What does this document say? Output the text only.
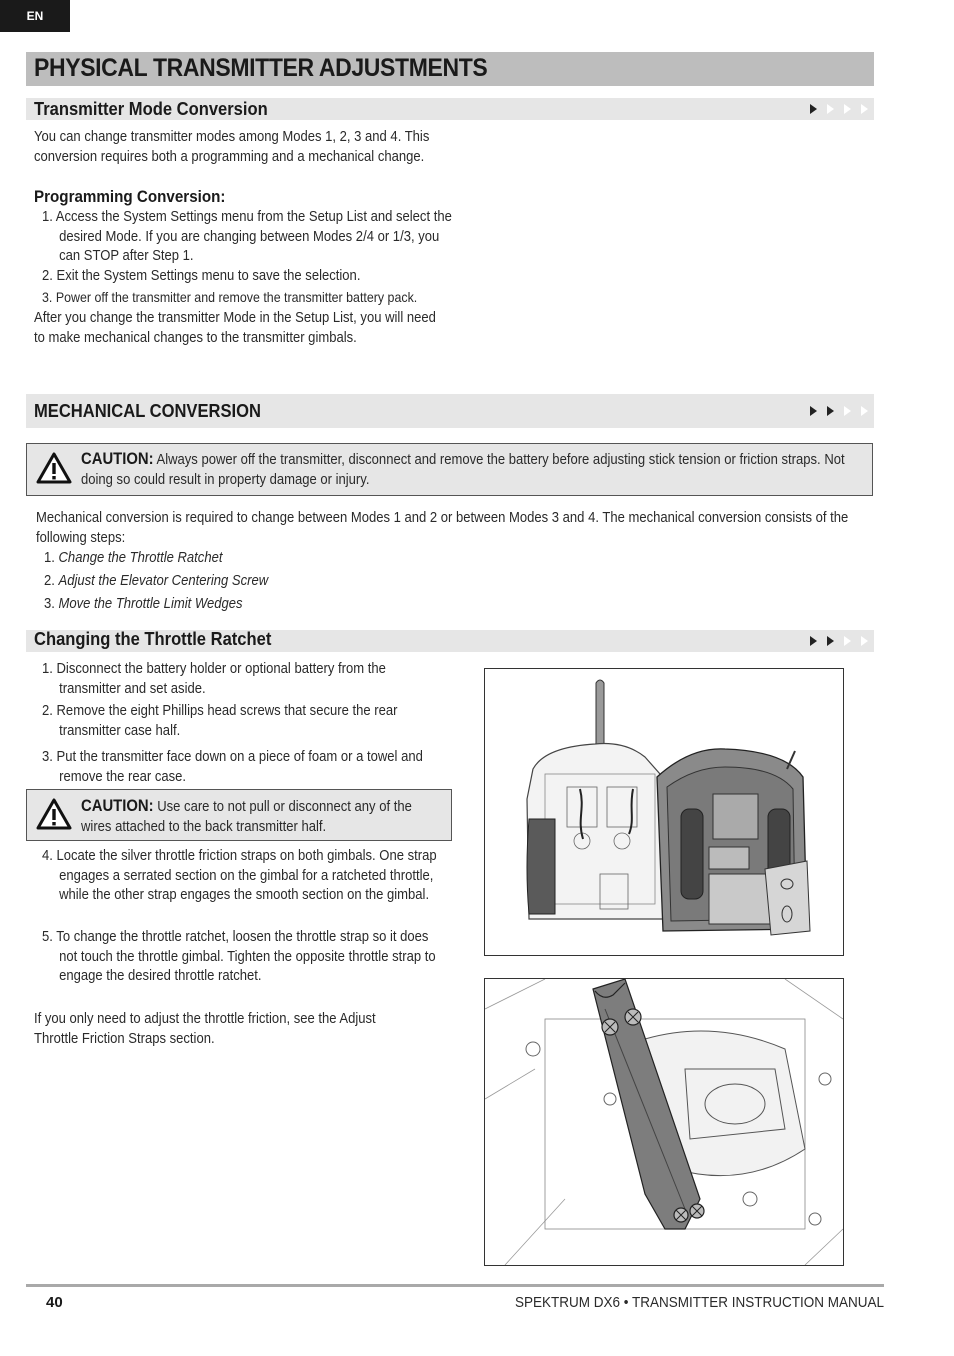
EN
PHYSICAL TRANSMITTER ADJUSTMENTS
Transmitter Mode Conversion
You can change transmitter modes among Modes 1, 2, 3 and 4. This conversion requires both a programming and a mechanical change.
Programming Conversion:
1. Access the System Settings menu from the Setup List and select the desired Mode. If you are changing between Modes 2/4 or 1/3, you can STOP after Step 1.
2. Exit the System Settings menu to save the selection.
3. Power off the transmitter and remove the transmitter battery pack.
After you change the transmitter Mode in the Setup List, you will need to make mechanical changes to the transmitter gimbals.
MECHANICAL CONVERSION
CAUTION: Always power off the transmitter, disconnect and remove the battery before adjusting stick tension or friction straps. Not doing so could result in property damage or injury.
Mechanical conversion is required to change between Modes 1 and 2 or between Modes 3 and 4. The mechanical conversion consists of the following steps:
1. Change the Throttle Ratchet
2. Adjust the Elevator Centering Screw
3. Move the Throttle Limit Wedges
Changing the Throttle Ratchet
1. Disconnect the battery holder or optional battery from the transmitter and set aside.
2. Remove the eight Phillips head screws that secure the rear transmitter case half.
3. Put the transmitter face down on a piece of foam or a towel and remove the rear case.
CAUTION: Use care to not pull or disconnect any of the wires attached to the back transmitter half.
4. Locate the silver throttle friction straps on both gimbals. One strap engages a serrated section on the gimbal for a ratcheted throttle, while the other strap engages the smooth section on the gimbal.
5. To change the throttle ratchet, loosen the throttle strap so it does not touch the throttle gimbal. Tighten the opposite throttle strap to engage the desired throttle ratchet.
If you only need to adjust the throttle friction, see the Adjust Throttle Friction Straps section.
40	SPEKTRUM DX6 • TRANSMITTER INSTRUCTION MANUAL
